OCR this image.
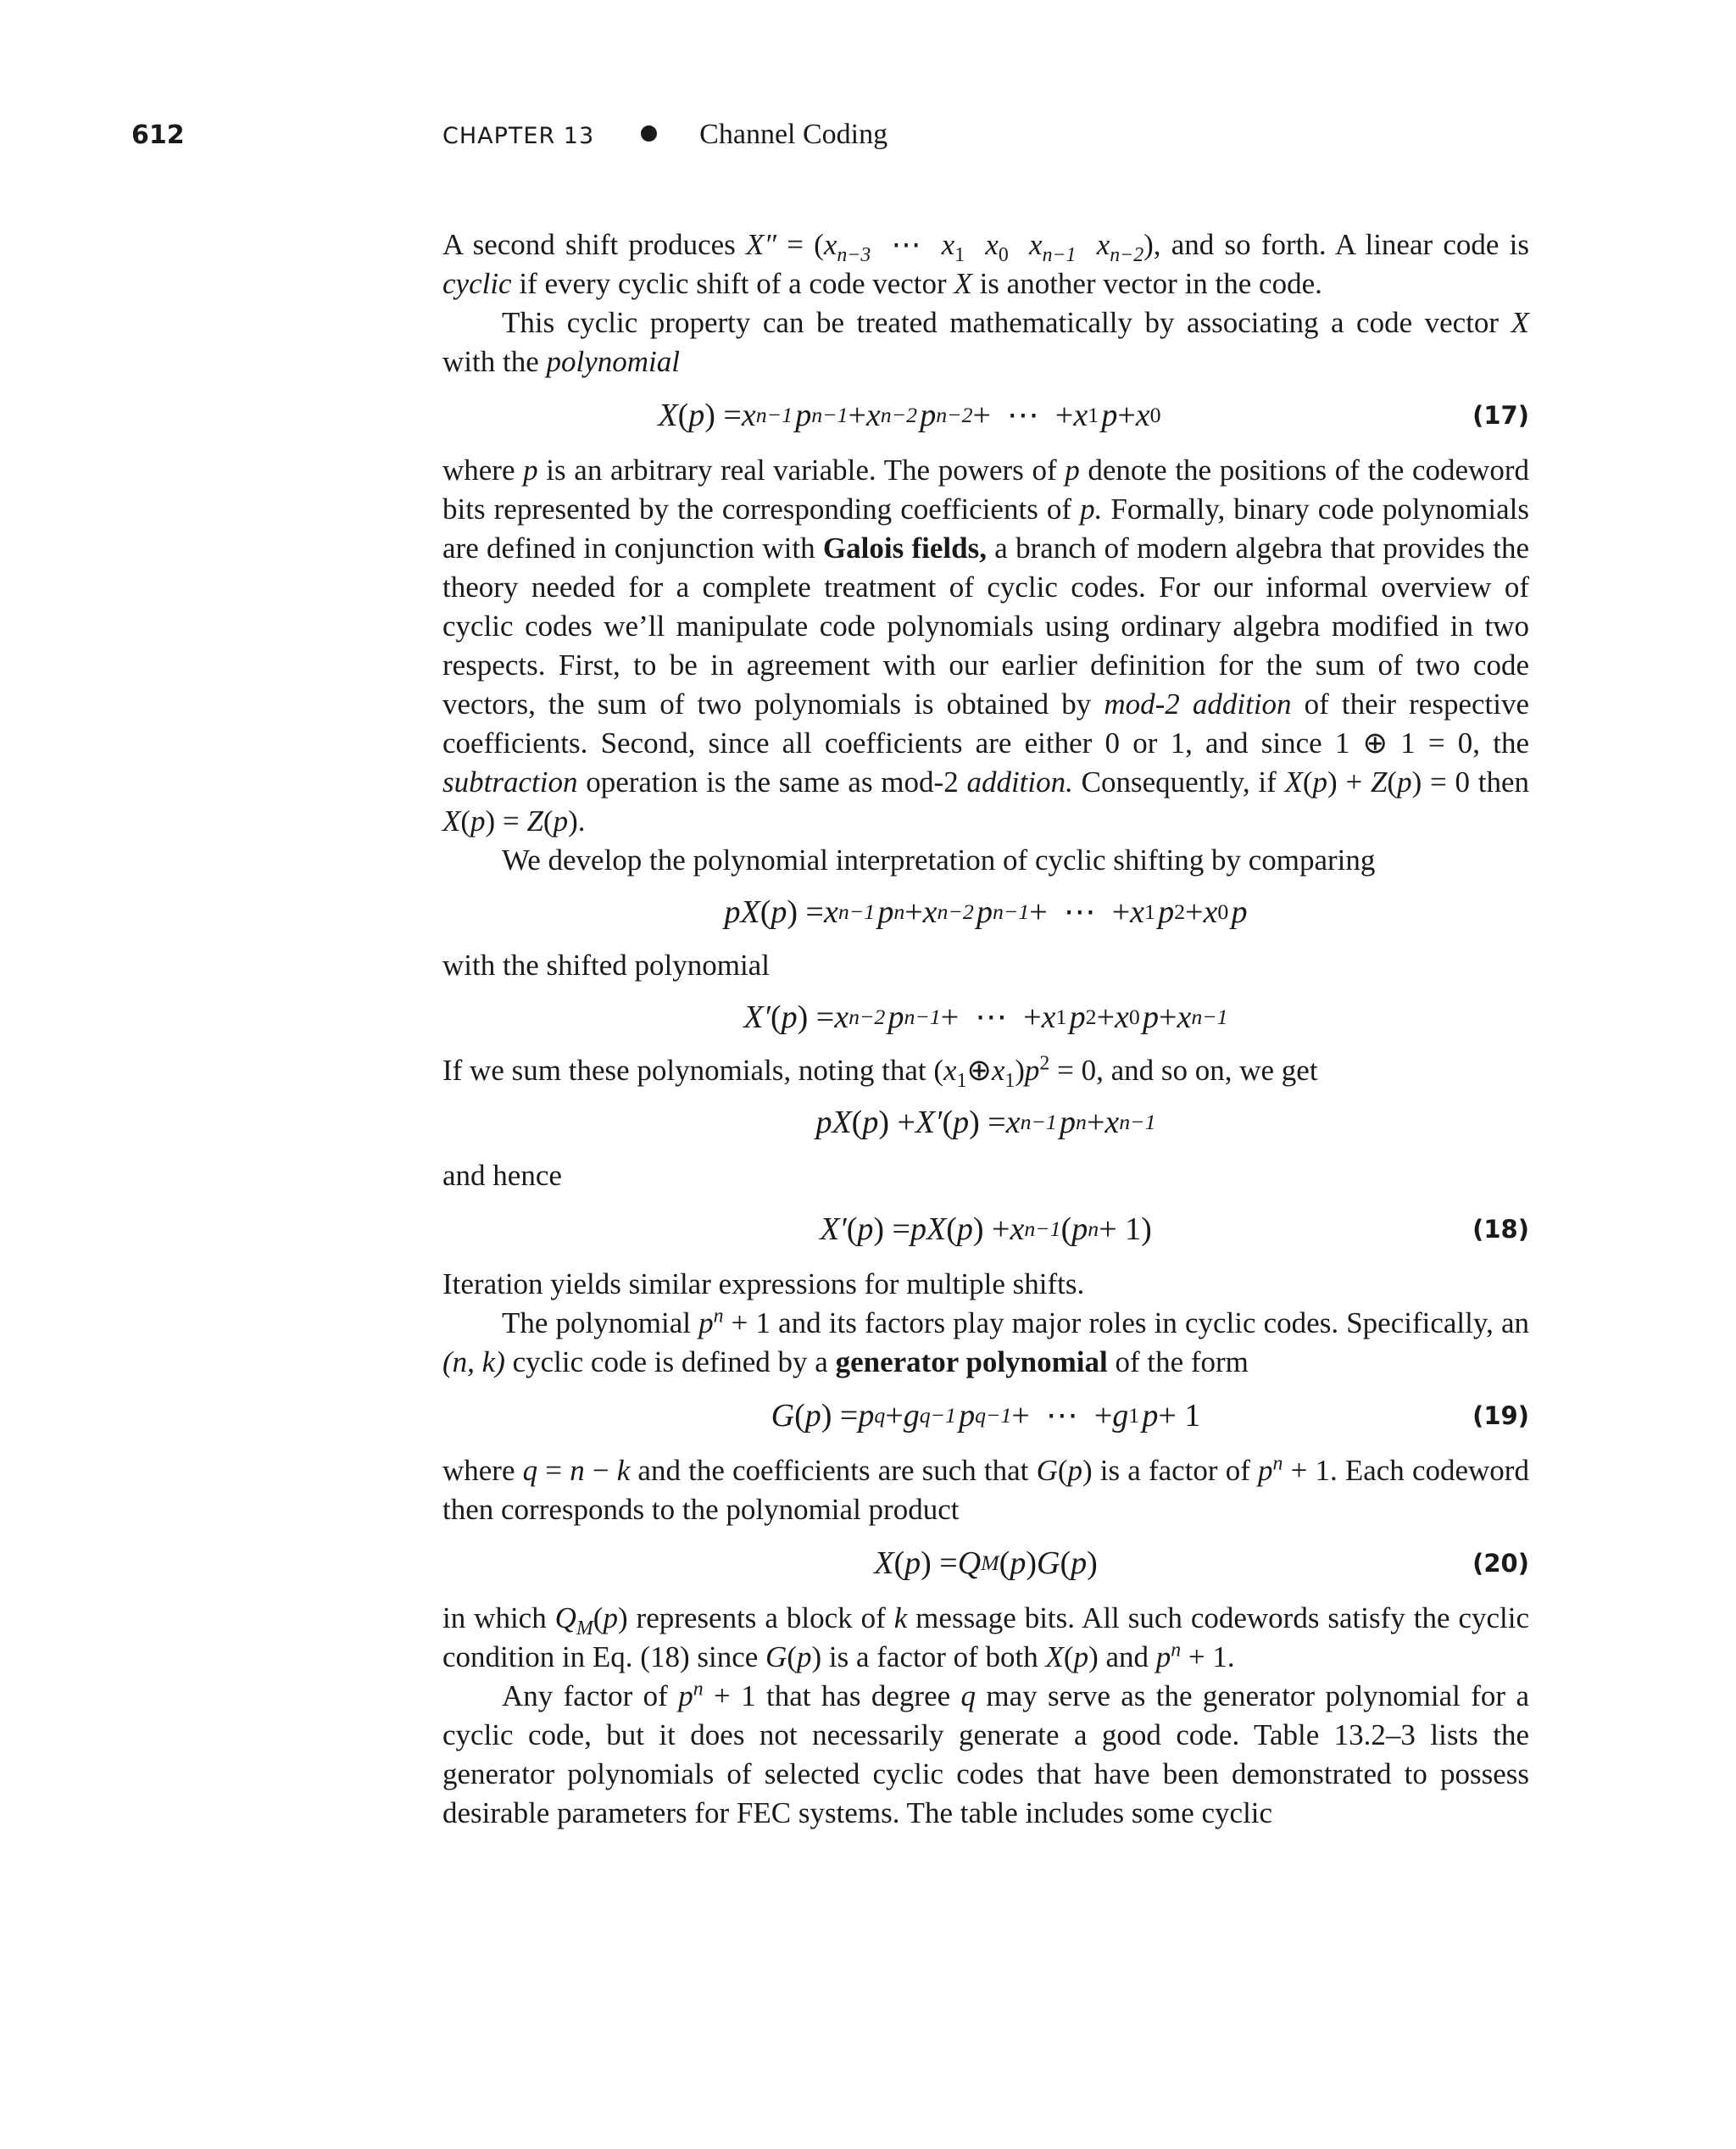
612	CHAPTER 13	Channel Coding

A second shift produces $X'' = (x_{n-3}$ ⋯ $x_1$ $x_0$ $x_{n-1}$ $x_{n-2}$), and so forth. A linear code is cyclic if every cyclic shift of a code vector X is another vector in the code.

This cyclic property can be treated mathematically by associating a code vector X with the polynomial

X ( p ) = x n−1
  p n−1 + x n−2
  p n−2 +  ⋯  + x 1
  p + x 0	(17)

where p is an arbitrary real variable. The powers of p denote the positions of the codeword bits represented by the corresponding coefficients of p. Formally, binary code polynomials are defined in conjunction with Galois fields, a branch of modern algebra that provides the theory needed for a complete treatment of cyclic codes. For our informal overview of cyclic codes we’ll manipulate code polynomials using ordinary algebra modified in two respects. First, to be in agreement with our earlier definition for the sum of two code vectors, the sum of two polynomials is obtained by mod-2 addition of their respective coefficients. Second, since all coefficients are either 0 or 1, and since 1 ⊕ 1 = 0, the subtraction operation is the same as mod-2 addition. Consequently, if X(p) + Z(p) = 0 then X(p) = Z(p).

We develop the polynomial interpretation of cyclic shifting by comparing

pX ( p ) = x n−1
  p n + x n−2
  p n−1 +  ⋯  + x 1
  p 2 + x 0
  p

with the shifted polynomial

X′ ( p ) = x n−2
  p n−1 +  ⋯  + x 1
  p 2 + x 0
  p + x n−1

If we sum these polynomials, noting that $(x_1\oplus x_1)p^2 = 0$, and so on, we get

pX ( p ) + X′ ( p ) = x n−1
  p n + x n−1

and hence

X′ ( p ) = pX ( p ) + x n−1 ( p n + 1)	(18)

Iteration yields similar expressions for multiple shifts.

The polynomial $p^n + 1$ and its factors play major roles in cyclic codes. Specifically, an (n, k) cyclic code is defined by a generator polynomial of the form

G ( p ) = p q + g q−1
  p q−1 +  ⋯  + g 1
  p + 1	(19)

where q = n − k and the coefficients are such that G(p) is a factor of $p^n + 1$. Each codeword then corresponds to the polynomial product

X ( p ) = Q M ( p ) G ( p )	(20)

in which $Q_M(p)$ represents a block of k message bits. All such codewords satisfy the cyclic condition in Eq. (18) since G(p) is a factor of both X(p) and $p^n + 1$.

Any factor of $p^n + 1$ that has degree q may serve as the generator polynomial for a cyclic code, but it does not necessarily generate a good code. Table 13.2–3 lists the generator polynomials of selected cyclic codes that have been demonstrated to possess desirable parameters for FEC systems. The table includes some cyclic
